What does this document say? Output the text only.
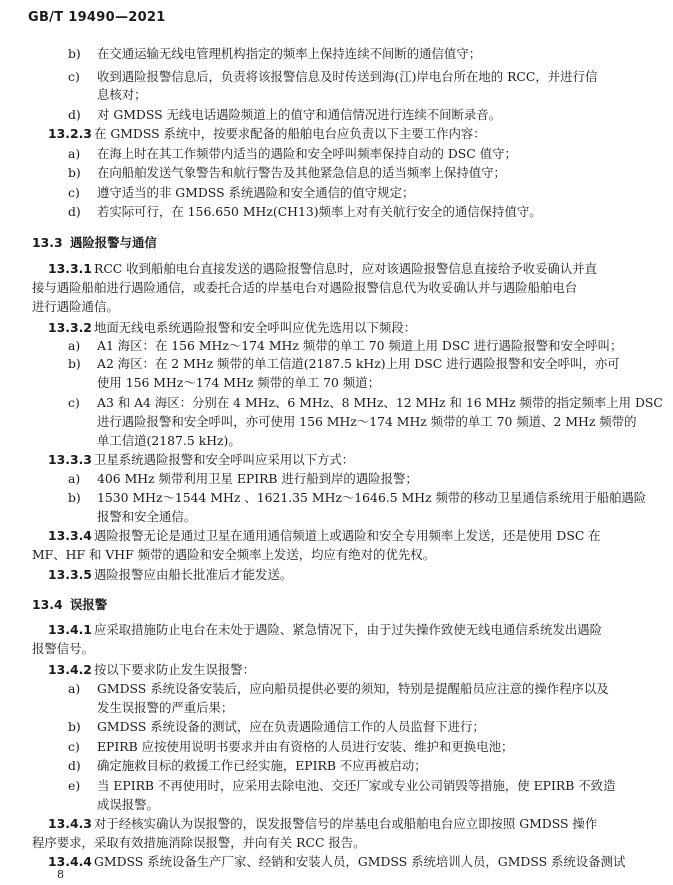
GB/T 19490—2021
b) 在交通运输无线电管理机构指定的频率上保持连续不间断的通信值守；
c) 收到遇险报警信息后，负责将该报警信息及时传送到海(江)岸电台所在地的 RCC，并进行信
息核对；
d) 对 GMDSS 无线电话遇险频道上的值守和通信情况进行连续不间断录音。
13.2.3 在 GMDSS 系统中，按要求配备的船舶电台应负责以下主要工作内容：
a) 在海上时在其工作频带内适当的遇险和安全呼叫频率保持自动的 DSC 值守；
b) 在向船舶发送气象警告和航行警告及其他紧急信息的适当频率上保持值守；
c) 遵守适当的非 GMDSS 系统遇险和安全通信的值守规定；
d) 若实际可行，在 156.650 MHz(CH13)频率上对有关航行安全的通信保持值守。
13.3 遇险报警与通信
13.3.1 RCC 收到船舶电台直接发送的遇险报警信息时，应对该遇险报警信息直接给予收妥确认并直
接与遇险船舶进行遇险通信，或委托合适的岸基电台对遇险报警信息代为收妥确认并与遇险船舶电台
进行遇险通信。
13.3.2 地面无线电系统遇险报警和安全呼叫应优先选用以下频段：
a) A1 海区：在 156 MHz～174 MHz 频带的单工 70 频道上用 DSC 进行遇险报警和安全呼叫；
b) A2 海区：在 2 MHz 频带的单工信道(2187.5 kHz)上用 DSC 进行遇险报警和安全呼叫，亦可
使用 156 MHz～174 MHz 频带的单工 70 频道；
c) A3 和 A4 海区：分别在 4 MHz、6 MHz、8 MHz、12 MHz 和 16 MHz 频带的指定频率上用 DSC
进行遇险报警和安全呼叫，亦可使用 156 MHz～174 MHz 频带的单工 70 频道、2 MHz 频带的
单工信道(2187.5 kHz)。
13.3.3 卫星系统遇险报警和安全呼叫应采用以下方式：
a) 406 MHz 频带利用卫星 EPIRB 进行船到岸的遇险报警；
b) 1530 MHz～1544 MHz 、1621.35 MHz～1646.5 MHz 频带的移动卫星通信系统用于船舶遇险
报警和安全通信。
13.3.4 遇险报警无论是通过卫星在通用通信频道上或遇险和安全专用频率上发送，还是使用 DSC 在
MF、HF 和 VHF 频带的遇险和安全频率上发送，均应有绝对的优先权。
13.3.5 遇险报警应由船长批准后才能发送。
13.4 误报警
13.4.1 应采取措施防止电台在未处于遇险、紧急情况下，由于过失操作致使无线电通信系统发出遇险
报警信号。
13.4.2 按以下要求防止发生误报警：
a) GMDSS 系统设备安装后，应向船员提供必要的须知，特别是提醒船员应注意的操作程序以及
发生误报警的严重后果；
b) GMDSS 系统设备的测试，应在负责遇险通信工作的人员监督下进行；
c) EPIRB 应按使用说明书要求并由有资格的人员进行安装、维护和更换电池；
d) 确定施救目标的救援工作已经实施，EPIRB 不应再被启动；
e) 当 EPIRB 不再使用时，应采用去除电池、交还厂家或专业公司销毁等措施，使 EPIRB 不致造
成误报警。
13.4.3 对于经核实确认为误报警的，误发报警信号的岸基电台或船舶电台应立即按照 GMDSS 操作
程序要求，采取有效措施消除误报警，并向有关 RCC 报告。
13.4.4 GMDSS 系统设备生产厂家、经销和安装人员，GMDSS 系统培训人员，GMDSS 系统设备测试
8
